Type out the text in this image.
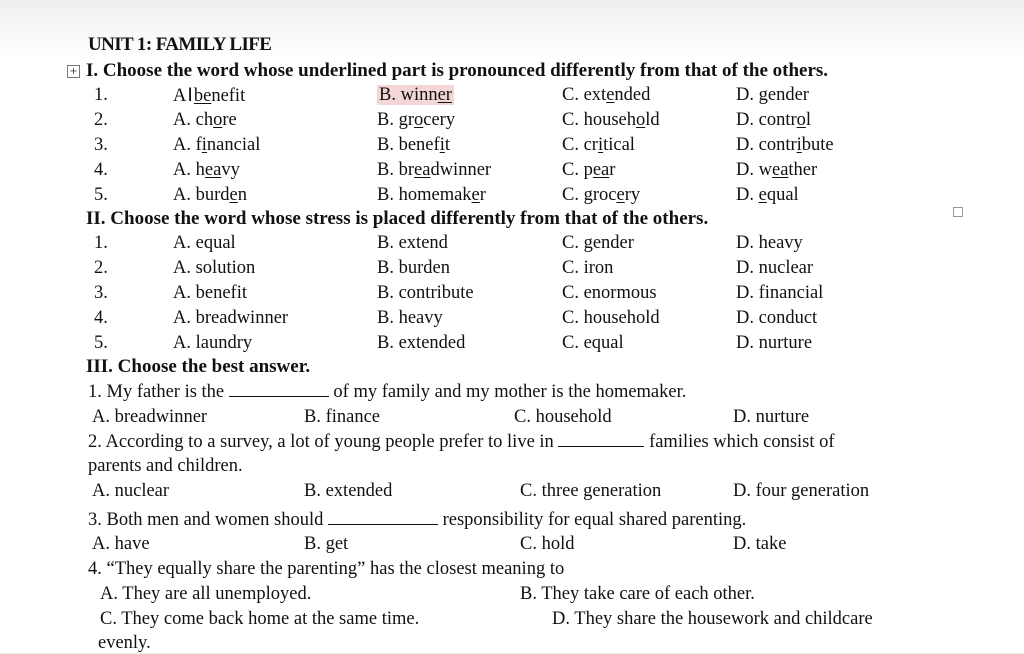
UNIT 1: FAMILY LIFE
+ I. Choose the word whose underlined part is pronounced differently from that of the others.
1.	AIbenefit	B. winner	C. extended	D. gender
2.	A. chore	B. grocery	C. household	D. control
3.	A. financial	B. benefit	C. critical	D. contribute
4.	A. heavy	B. breadwinner	C. pear	D. weather
5.	A. burden	B. homemaker	C. grocery	D. equal
II. Choose the word whose stress is placed differently from that of the others.
1.	A. equal	B. extend	C. gender	D. heavy
2.	A. solution	B. burden	C. iron	D. nuclear
3.	A. benefit	B. contribute	C. enormous	D. financial
4.	A. breadwinner	B. heavy	C. household	D. conduct
5.	A. laundry	B. extended	C. equal	D. nurture
III. Choose the best answer.
1. My father is the	of my family and my mother is the homemaker.
A. breadwinner	B. finance	C. household	D. nurture
2. According to a survey, a lot of young people prefer to live in	families which consist of
parents and children.
A. nuclear	B. extended	C. three generation	D. four generation
3. Both men and women should	responsibility for equal shared parenting.
A. have	B. get	C. hold	D. take
4. “They equally share the parenting” has the closest meaning to
A. They are all unemployed.	B. They take care of each other.
C. They come back home at the same time.	D. They share the housework and childcare
evenly.
